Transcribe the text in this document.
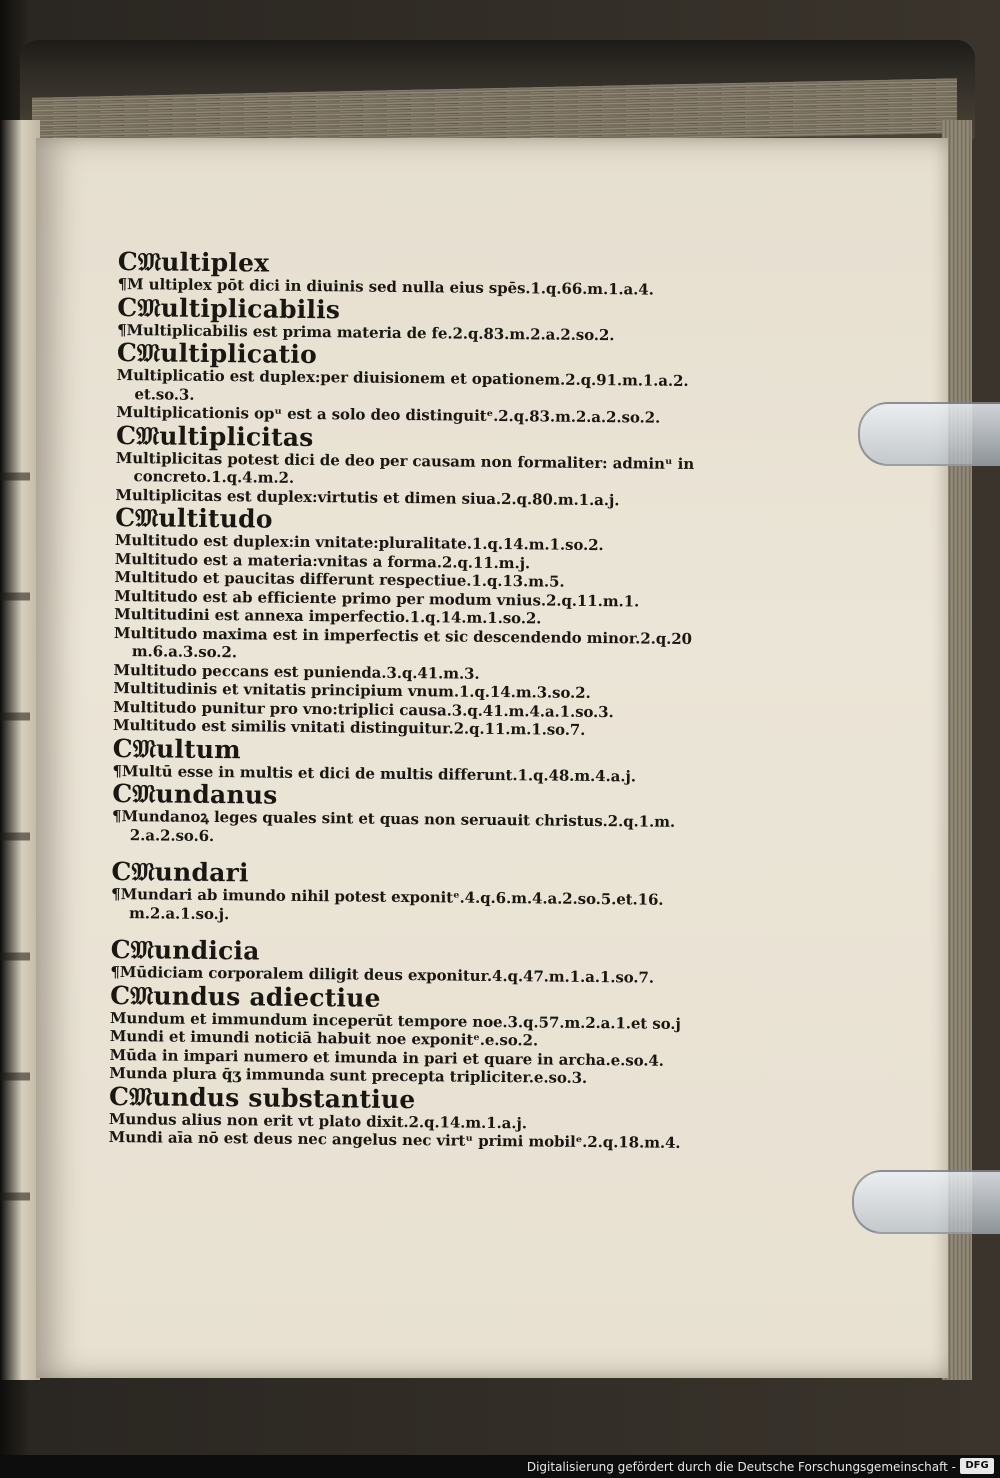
C𝔐ultiplex
¶M ultiplex pōt dici in diuinis sed nulla eius spēs.1.q.66.m.1.a.4.
C𝔐ultiplicabilis
¶Multiplicabilis est prima materia de fe.2.q.83.m.2.a.2.so.2.
C𝔐ultiplicatio
Multiplicatio est duplex:per diuisionem et opationem.2.q.91.m.1.a.2.
et.so.3.
Multiplicationis opᵘ est a solo deo distinguitᵉ.2.q.83.m.2.a.2.so.2.
C𝔐ultiplicitas
Multiplicitas potest dici de deo per causam non formaliter: adminᵘ in
concreto.1.q.4.m.2.
Multiplicitas est duplex:virtutis et dimen siua.2.q.80.m.1.a.j.
C𝔐ultitudo
Multitudo est duplex:in vnitate:pluralitate.1.q.14.m.1.so.2.
Multitudo est a materia:vnitas a forma.2.q.11.m.j.
Multitudo et paucitas differunt respectiue.1.q.13.m.5.
Multitudo est ab efficiente primo per modum vnius.2.q.11.m.1.
Multitudini est annexa imperfectio.1.q.14.m.1.so.2.
Multitudo maxima est in imperfectis et sic descendendo minor.2.q.20
m.6.a.3.so.2.
Multitudo peccans est punienda.3.q.41.m.3.
Multitudinis et vnitatis principium vnum.1.q.14.m.3.so.2.
Multitudo punitur pro vno:triplici causa.3.q.41.m.4.a.1.so.3.
Multitudo est similis vnitati distinguitur.2.q.11.m.1.so.7.
C𝔐ultum
¶Multū esse in multis et dici de multis differunt.1.q.48.m.4.a.j.
C𝔐undanus
¶Mundanoꝝ leges quales sint et quas non seruauit christus.2.q.1.m.
2.a.2.so.6.
C𝔐undari
¶Mundari ab imundo nihil potest exponitᵉ.4.q.6.m.4.a.2.so.5.et.16.
m.2.a.1.so.j.
C𝔐undicia
¶Mūdiciam corporalem diligit deus exponitur.4.q.47.m.1.a.1.so.7.
C𝔐undus adiectiue
Mundum et immundum inceperūt tempore noe.3.q.57.m.2.a.1.et so.j
Mundi et imundi noticiā habuit noe exponitᵉ.e.so.2.
Mūda in impari numero et imunda in pari et quare in archa.e.so.4.
Munda plura q̄ʒ immunda sunt precepta tripliciter.e.so.3.
C𝔐undus substantiue
Mundus alius non erit vt plato dixit.2.q.14.m.1.a.j.
Mundi aīa nō est deus nec angelus nec virtᵘ primi mobilᵉ.2.q.18.m.4.
Digitalisierung gefördert durch die Deutsche Forschungsgemeinschaft - DFG
